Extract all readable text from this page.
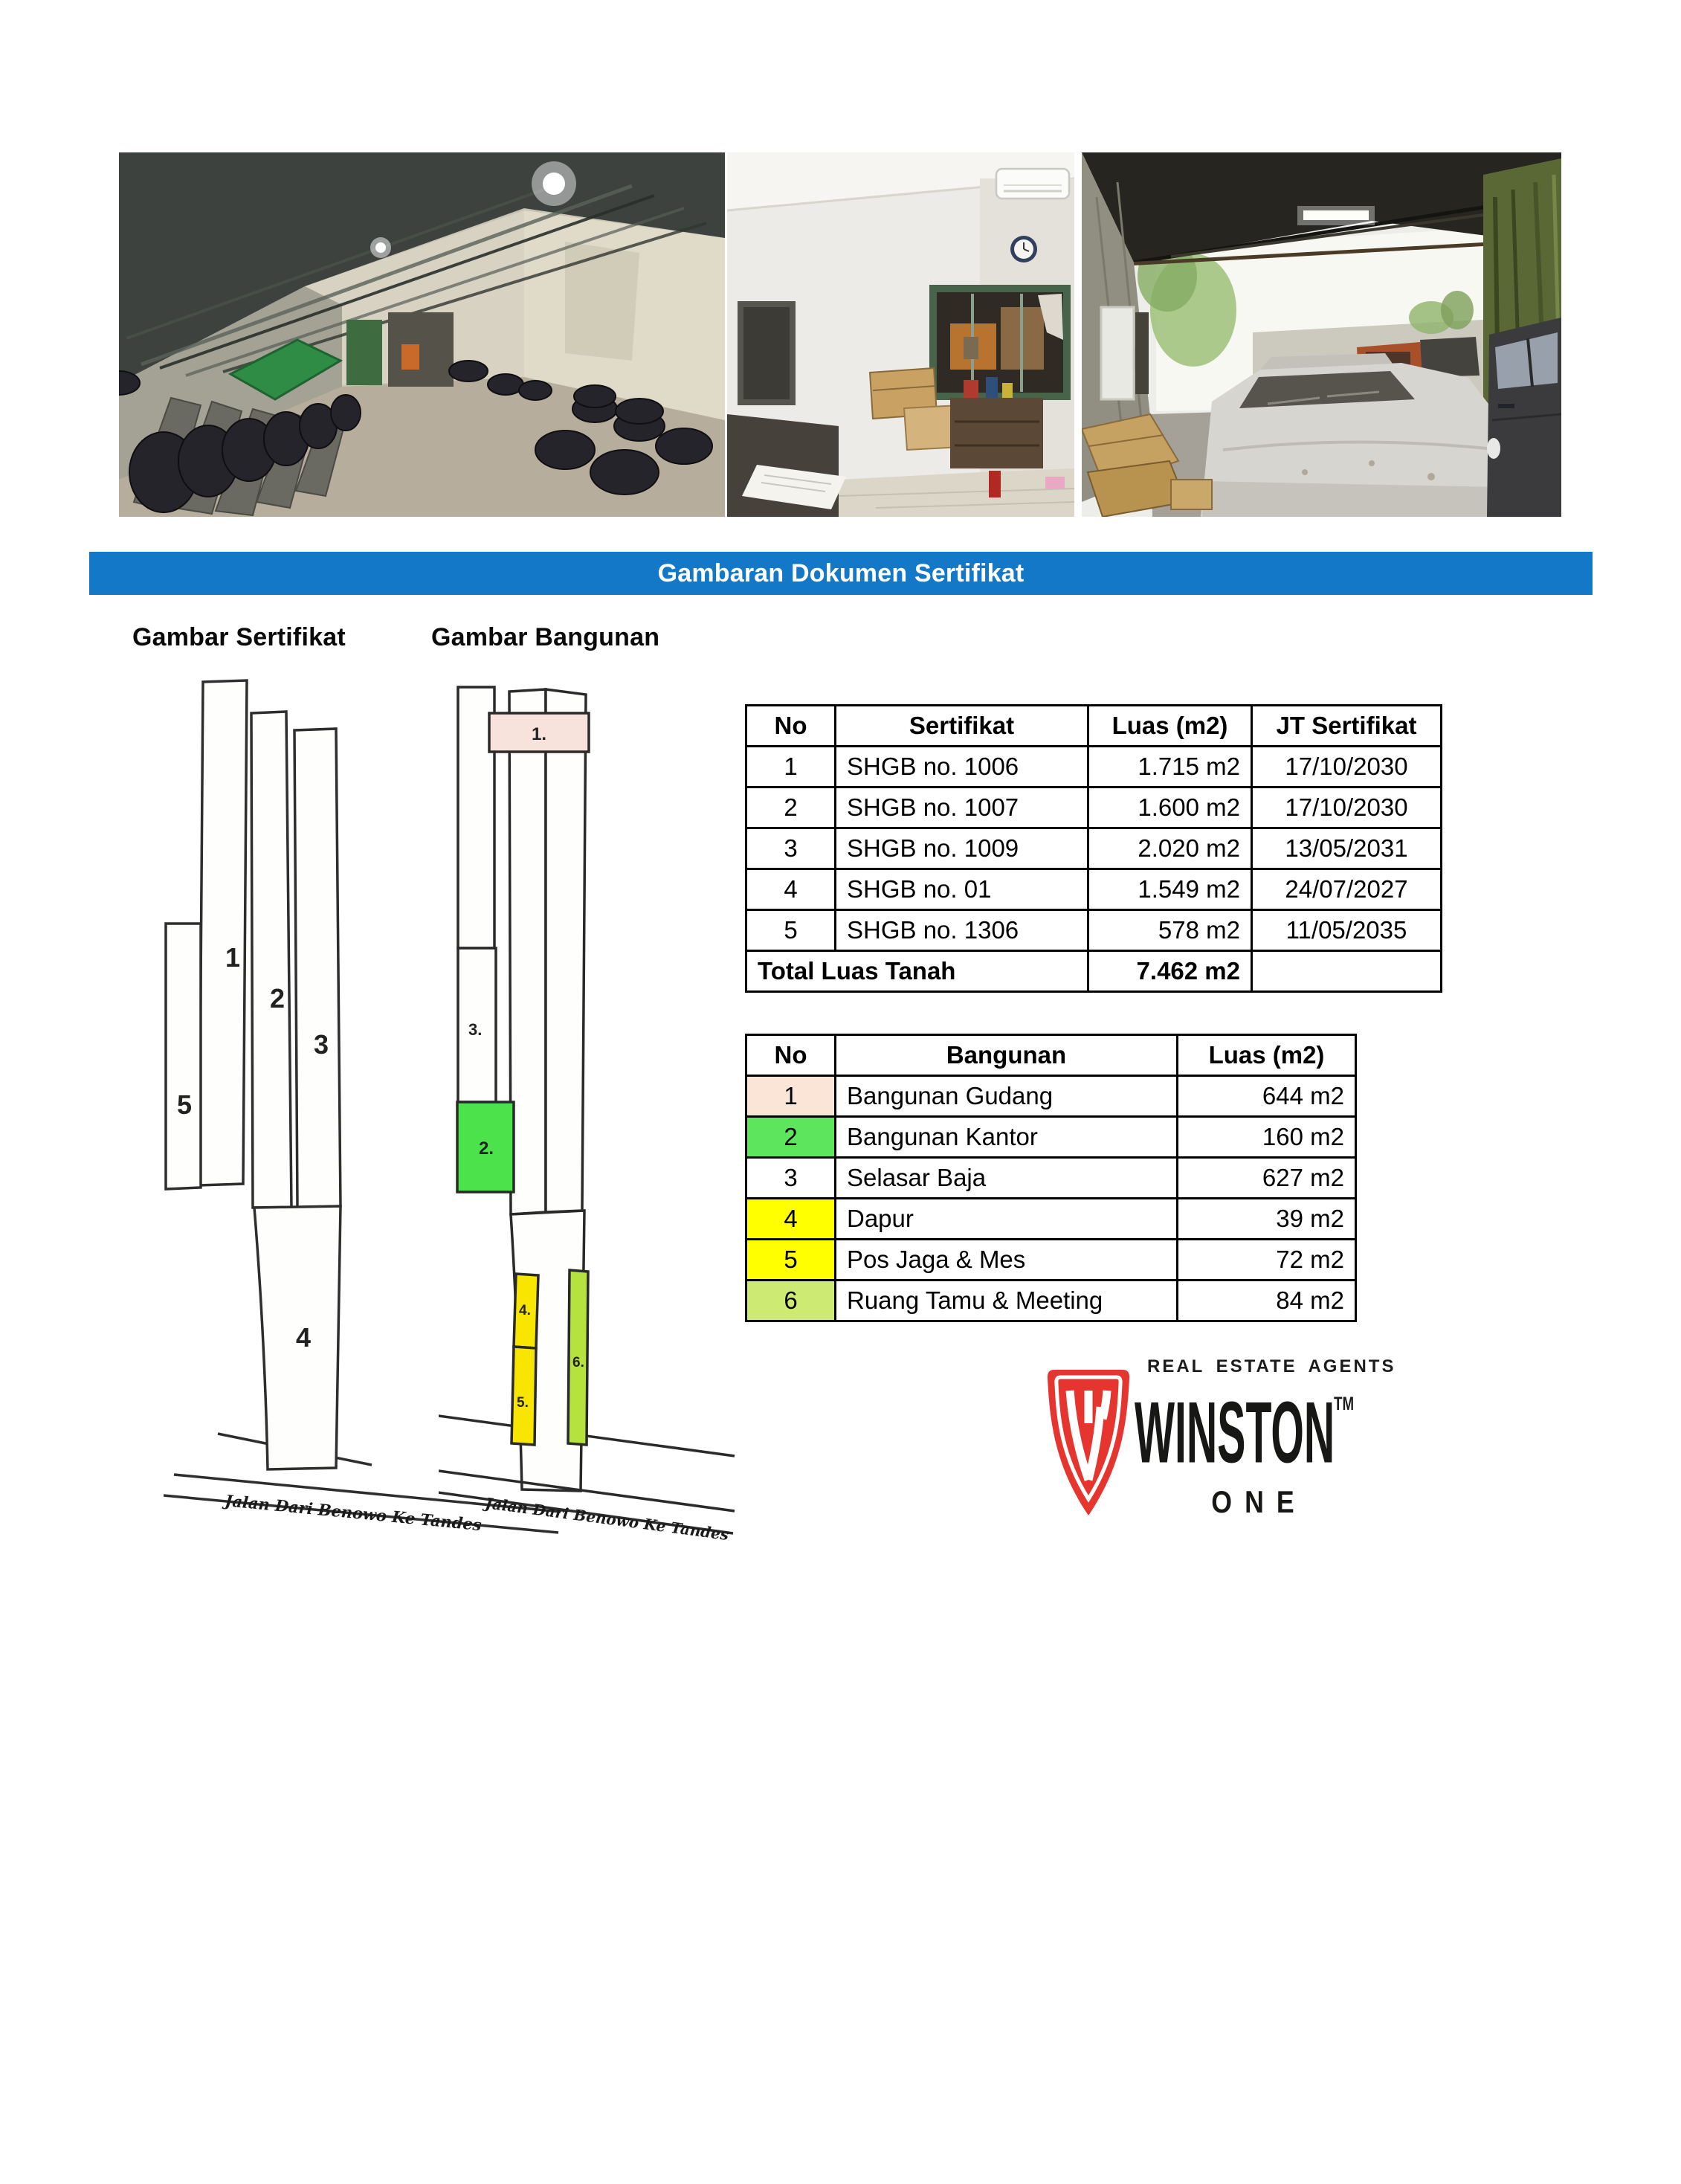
Gambaran Dokumen Sertifikat
Gambar Sertifikat	Gambar Bangunan
1
2
3
4
5
Jalan Dari Benowo Ke Tandes
1.
2.
3.
4.
5.
6.
Jalan Dari Benowo Ke Tandes
No	Sertifikat	Luas (m2)	JT Sertifikat
1	SHGB no. 1006	1.715 m2	17/10/2030
2	SHGB no. 1007	1.600 m2	17/10/2030
3	SHGB no. 1009	2.020 m2	13/05/2031
4	SHGB no. 01	1.549 m2	24/07/2027
5	SHGB no. 1306	578 m2	11/05/2035
Total Luas Tanah		7.462 m2	
No	Bangunan	Luas (m2)
1	Bangunan Gudang	644 m2
2	Bangunan Kantor	160 m2
3	Selasar Baja	627 m2
4	Dapur	39 m2
5	Pos Jaga & Mes	72 m2
6	Ruang Tamu & Meeting	84 m2
REAL ESTATE AGENTS
WINSTON
TM
ONE
